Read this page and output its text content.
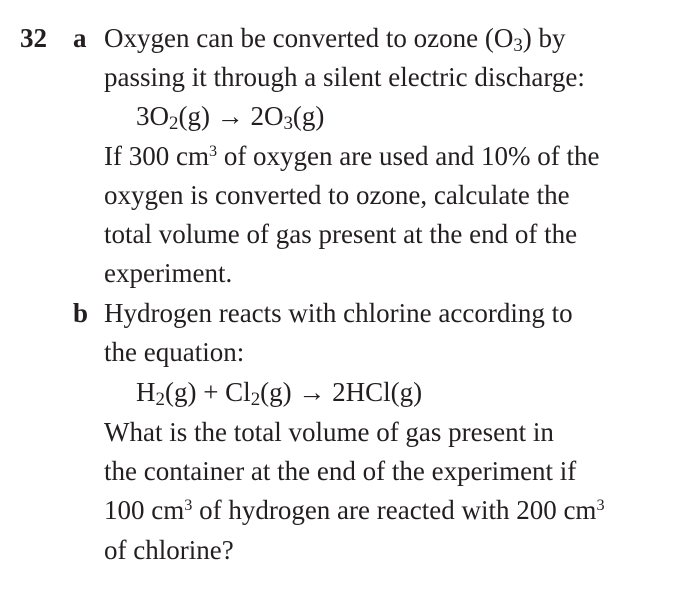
32 a Oxygen can be converted to ozone $(O_3)$ by
passing it through a silent electric discharge:
$3O_2(g) \to 2O_3(g)$
If 300 $cm^3$ of oxygen are used and 10% of the
oxygen is converted to ozone, calculate the
total volume of gas present at the end of the
experiment.
b Hydrogen reacts with chlorine according to
the equation:
$H_2(g) + Cl_2(g) \to 2HCl(g)$
What is the total volume of gas present in
the container at the end of the experiment if
100 $cm^3$ of hydrogen are reacted with 200 $cm^3$
of chlorine?
